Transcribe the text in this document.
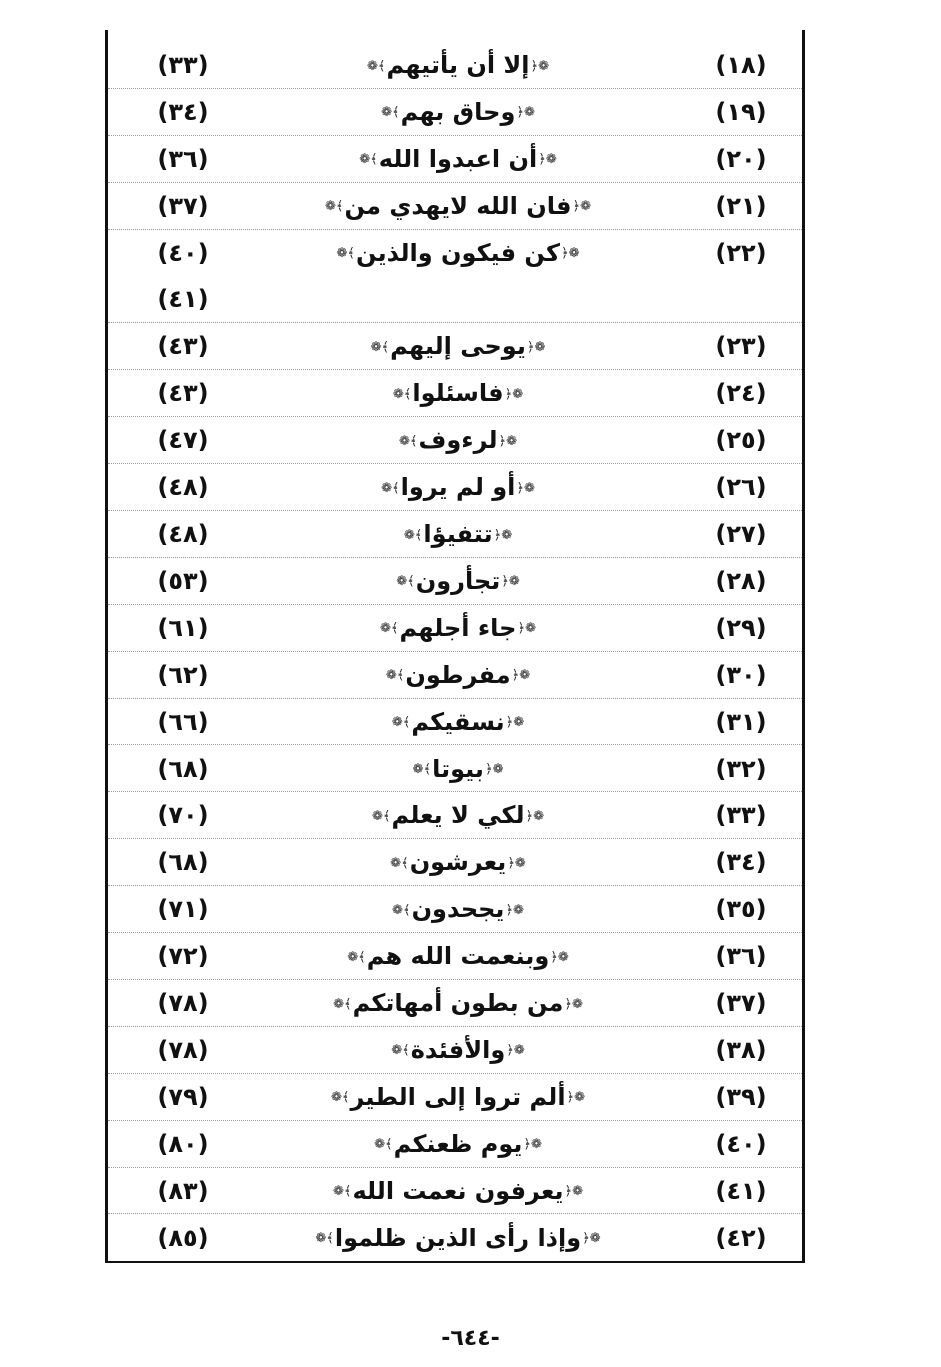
(١٨)
❁﴿
إلا أن يأتيهم
﴾❁
(٣٣)
(١٩)
❁﴿
وحاق بهم
﴾❁
(٣٤)
(٢٠)
❁﴿
أن اعبدوا الله
﴾❁
(٣٦)
(٢١)
❁﴿
فان الله لايهدي من
﴾❁
(٣٧)
(٢٢)
❁﴿
كن فيكون والذين
﴾❁
(٤٠)
(٤١)
(٢٣)
❁﴿
يوحى إليهم
﴾❁
(٤٣)
(٢٤)
❁﴿
فاسئلوا
﴾❁
(٤٣)
(٢٥)
❁﴿
لرءوف
﴾❁
(٤٧)
(٢٦)
❁﴿
أو لم يروا
﴾❁
(٤٨)
(٢٧)
❁﴿
تتفيؤا
﴾❁
(٤٨)
(٢٨)
❁﴿
تجأرون
﴾❁
(٥٣)
(٢٩)
❁﴿
جاء أجلهم
﴾❁
(٦١)
(٣٠)
❁﴿
مفرطون
﴾❁
(٦٢)
(٣١)
❁﴿
نسقيكم
﴾❁
(٦٦)
(٣٢)
❁﴿
بيوتا
﴾❁
(٦٨)
(٣٣)
❁﴿
لكي لا يعلم
﴾❁
(٧٠)
(٣٤)
❁﴿
يعرشون
﴾❁
(٦٨)
(٣٥)
❁﴿
يجحدون
﴾❁
(٧١)
(٣٦)
❁﴿
وبنعمت الله هم
﴾❁
(٧٢)
(٣٧)
❁﴿
من بطون أمهاتكم
﴾❁
(٧٨)
(٣٨)
❁﴿
والأفئدة
﴾❁
(٧٨)
(٣٩)
❁﴿
ألم تروا إلى الطير
﴾❁
(٧٩)
(٤٠)
❁﴿
يوم ظعنكم
﴾❁
(٨٠)
(٤١)
❁﴿
يعرفون نعمت الله
﴾❁
(٨٣)
(٤٢)
❁﴿
وإذا رأى الذين ظلموا
﴾❁
(٨٥)
-٦٤٤-
